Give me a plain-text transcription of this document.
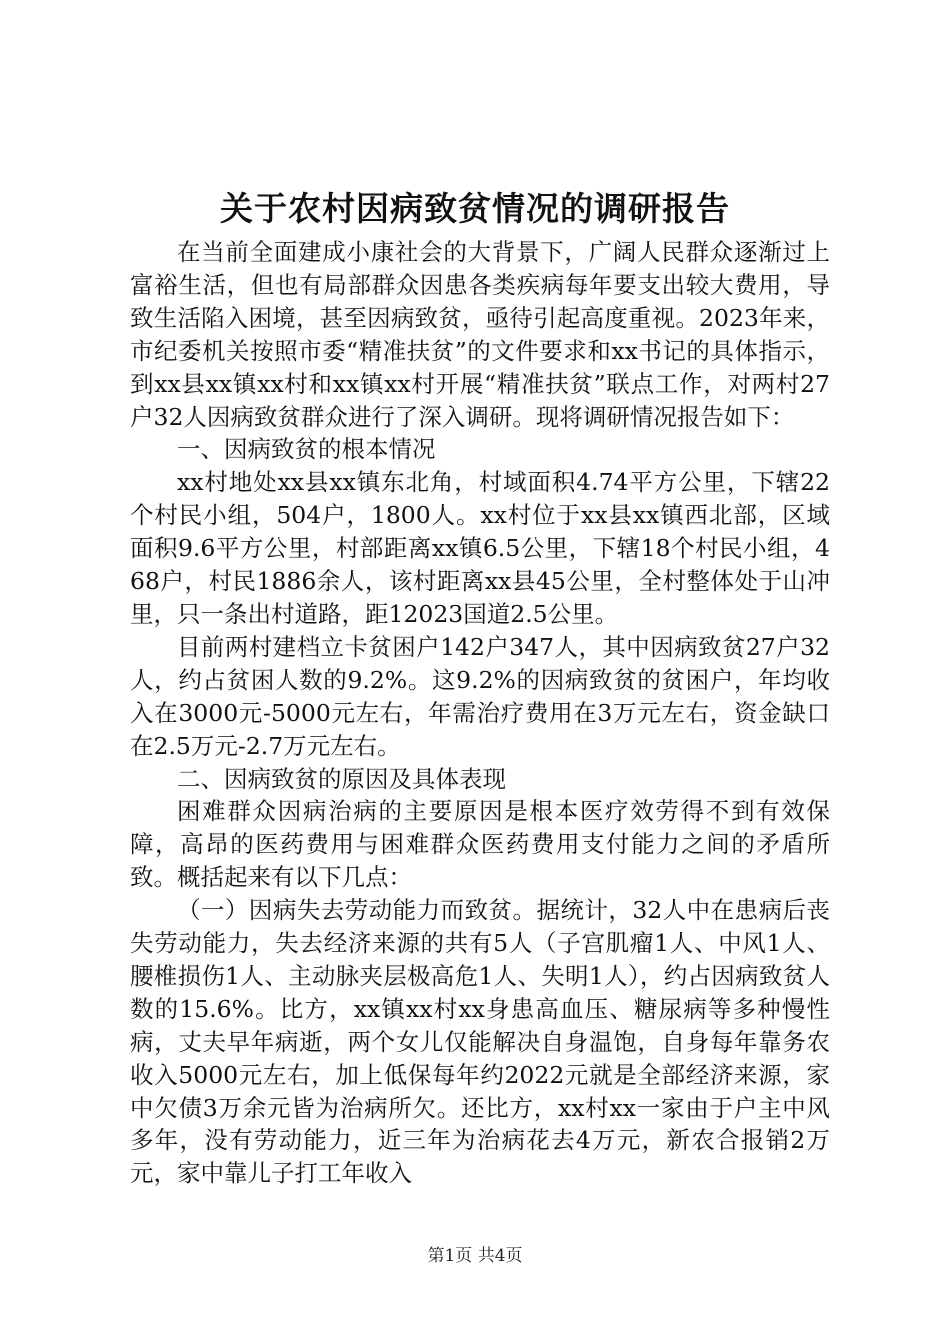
关于农村因病致贫情况的调研报告

在当前全面建成小康社会的大背景下，广阔人民群众逐渐过上富裕生活，但也有局部群众因患各类疾病每年要支出较大费用，导致生活陷入困境，甚至因病致贫，亟待引起高度重视。2023年来，市纪委机关按照市委“精准扶贫”的文件要求和xx书记的具体指示，到xx县xx镇xx村和xx镇xx村开展“精准扶贫”联点工作，对两村27户32人因病致贫群众进行了深入调研。现将调研情况报告如下：

一、因病致贫的根本情况

xx村地处xx县xx镇东北角，村域面积4.74平方公里，下辖22个村民小组，504户，1800人。xx村位于xx县xx镇西北部，区域面积9.6平方公里，村部距离xx镇6.5公里，下辖18个村民小组，468户，村民1886余人，该村距离xx县45公里，全村整体处于山冲里，只一条出村道路，距12023国道2.5公里。

目前两村建档立卡贫困户142户347人，其中因病致贫27户32人，约占贫困人数的9.2%。这9.2%的因病致贫的贫困户，年均收入在3000元-5000元左右，年需治疗费用在3万元左右，资金缺口在2.5万元-2.7万元左右。

二、因病致贫的原因及具体表现

困难群众因病治病的主要原因是根本医疗效劳得不到有效保障，高昂的医药费用与困难群众医药费用支付能力之间的矛盾所致。概括起来有以下几点：

（一）因病失去劳动能力而致贫。据统计，32人中在患病后丧失劳动能力，失去经济来源的共有5人（子宫肌瘤1人、中风1人、腰椎损伤1人、主动脉夹层极高危1人、失明1人），约占因病致贫人数的15.6%。比方，xx镇xx村xx身患高血压、糖尿病等多种慢性病，丈夫早年病逝，两个女儿仅能解决自身温饱，自身每年靠务农收入5000元左右，加上低保每年约2022元就是全部经济来源，家中欠债3万余元皆为治病所欠。还比方，xx村xx一家由于户主中风多年，没有劳动能力，近三年为治病花去4万元，新农合报销2万元，家中靠儿子打工年收入

第1页 共4页
